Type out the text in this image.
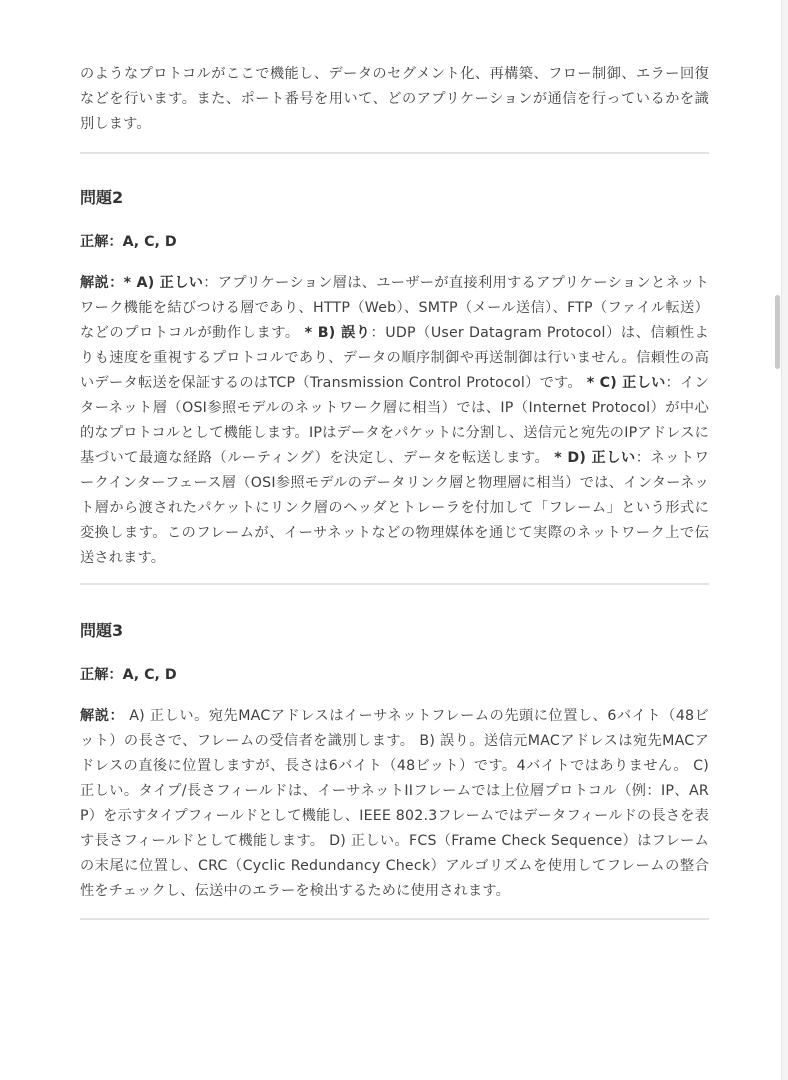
のようなプロトコルがここで機能し、データのセグメント化、再構築、フロー制御、エラー回復などを行います。また、ポート番号を用いて、どのアプリケーションが通信を行っているかを識別します。

問題2

正解：A, C, D

解説：* A) 正しい：アプリケーション層は、ユーザーが直接利用するアプリケーションとネットワーク機能を結びつける層であり、HTTP（Web）、SMTP（メール送信）、FTP（ファイル転送）などのプロトコルが動作します。 * B) 誤り：UDP（User Datagram Protocol）は、信頼性よりも速度を重視するプロトコルであり、データの順序制御や再送制御は行いません。信頼性の高いデータ転送を保証するのはTCP（Transmission Control Protocol）です。 * C) 正しい：インターネット層（OSI参照モデルのネットワーク層に相当）では、IP（Internet Protocol）が中心的なプロトコルとして機能します。IPはデータをパケットに分割し、送信元と宛先のIPアドレスに基づいて最適な経路（ルーティング）を決定し、データを転送します。 * D) 正しい：ネットワークインターフェース層（OSI参照モデルのデータリンク層と物理層に相当）では、インターネット層から渡されたパケットにリンク層のヘッダとトレーラを付加して「フレーム」という形式に変換します。このフレームが、イーサネットなどの物理媒体を通じて実際のネットワーク上で伝送されます。

問題3

正解：A, C, D

解説： A) 正しい。宛先MACアドレスはイーサネットフレームの先頭に位置し、6バイト（48ビット）の長さで、フレームの受信者を識別します。 B) 誤り。送信元MACアドレスは宛先MACアドレスの直後に位置しますが、長さは6バイト（48ビット）です。4バイトではありません。 C) 正しい。タイプ/長さフィールドは、イーサネットIIフレームでは上位層プロトコル（例：IP、ARP）を示すタイプフィールドとして機能し、IEEE 802.3フレームではデータフィールドの長さを表す長さフィールドとして機能します。 D) 正しい。FCS（Frame Check Sequence）はフレームの末尾に位置し、CRC（Cyclic Redundancy Check）アルゴリズムを使用してフレームの整合性をチェックし、伝送中のエラーを検出するために使用されます。
